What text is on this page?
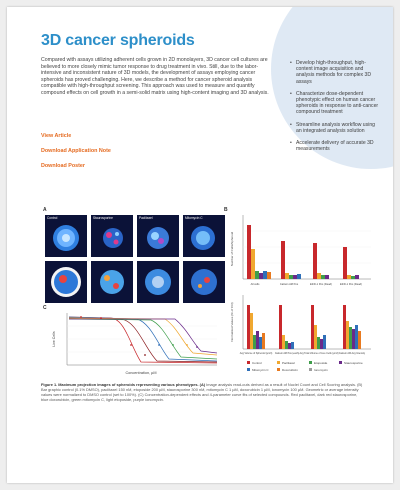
3D cancer spheroids

Compared with assays utilizing adherent cells grown in 2D monolayers, 3D cancer cell cultures are believed to more closely mimic tumor response to drug treatment in vivo. Still, due to the labor-intensive and inconsistent nature of 3D models, the development of assays employing cancer spheroids has proved challenging. Here, we describe a method for cancer spheroid analysis compatible with high-throughput screening. This approach was used to measure and quantify compound effects on cell growth in a semi-solid matrix using high-content imaging and 3D analysis.

View Article
Download Application Note
Download Poster
• Develop high-throughput, high-content image acquisition and analysis methods for complex 3D assays
• Characterize dose-dependent phenotypic effect on human cancer spheroids in response to anti-cancer compound treatment
• Streamline analysis workflow using an integrated analysis solution
• Accelerate delivery of accurate 3D measurements
A
Control	Staurosporine	Paclitaxel	Mitomycin C
B
Number of Cells/Spheroid
All cells	Calcein AM Pos	EthD-1 Pos (Dead)	EthD-1 Pos (Dead)
Normalized Values (% of Ctrl)
Avg Volume of Spheroid (µm3) Calcein AM Pos (each) Avg Total Volume of Live Cells (µm3) Calcein AM Avg Intensity
Control	Paclitaxel	Etoposide	Staurosporine
Mitomycin C	Doxorubicin	Ionomycin
C
Live Cells
Concentration, µM

Figure 1. Maximum projection images of spheroids representing various phenotypes. (A) Image analysis read-outs derived as a result of Nuclei Count and Cell Scoring analysis. (B) Bar graphic control (0.1% DMSO), paclitaxel 150 nM, etoposide 200 µM, staurosporine 300 nM, mitomycin C 1 µM, doxorubicin 1 µM, ionomycin 100 µM. Geometric or average intensity values were normalized to DMSO control (set to 100%). (C) Concentration-dependent effects and 4-parameter curve fits of selected compounds. Red paclitaxel, dark red staurosporine, blue doxorubicin, green mitomycin C, light etoposide, purple ionomycin.
